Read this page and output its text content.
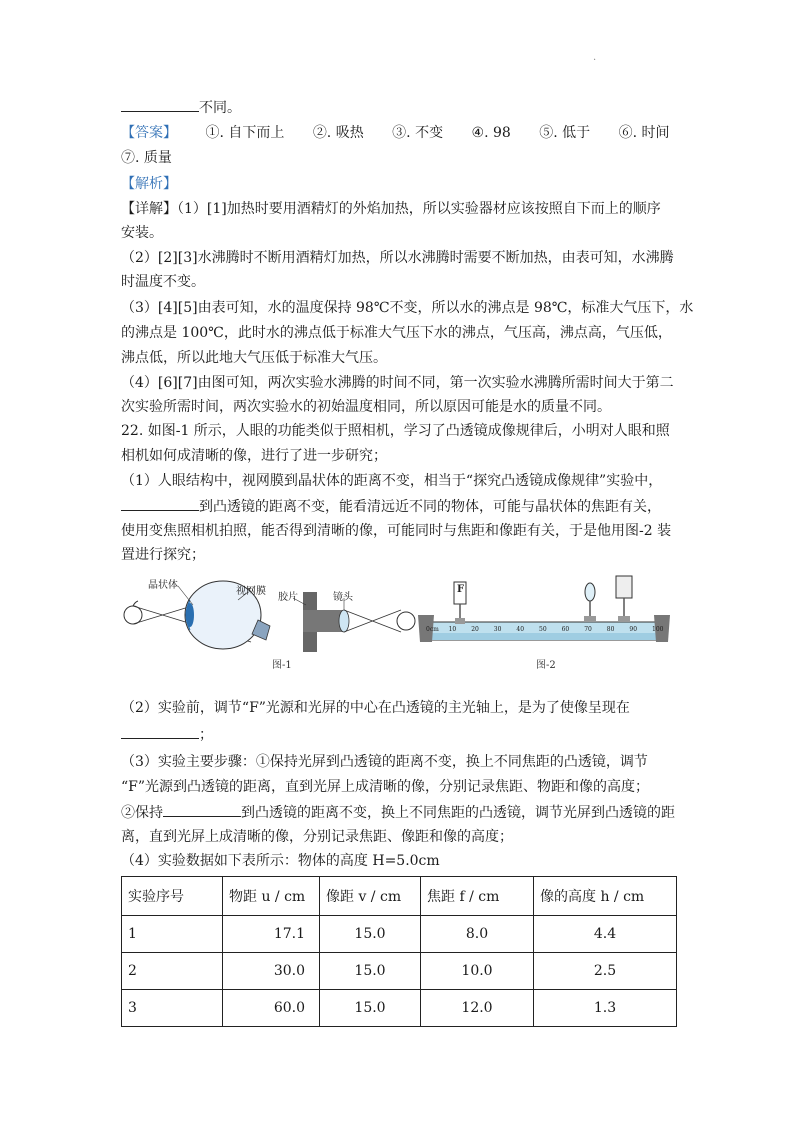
.
不同。
【答案】 ①. 自下而上 ②. 吸热 ③. 不变 ④. 98 ⑤. 低于 ⑥. 时间
⑦. 质量
【解析】
【详解】（1）[1]加热时要用酒精灯的外焰加热，所以实验器材应该按照自下而上的顺序
安装。
（2）[2][3]水沸腾时不断用酒精灯加热，所以水沸腾时需要不断加热，由表可知，水沸腾
时温度不变。
（3）[4][5]由表可知，水的温度保持 98℃不变，所以水的沸点是 98℃，标准大气压下，水
的沸点是 100℃，此时水的沸点低于标准大气压下水的沸点，气压高，沸点高，气压低，
沸点低，所以此地大气压低于标准大气压。
（4）[6][7]由图可知，两次实验水沸腾的时间不同，第一次实验水沸腾所需时间大于第二
次实验所需时间，两次实验水的初始温度相同，所以原因可能是水的质量不同。
22. 如图-1 所示，人眼的功能类似于照相机，学习了凸透镜成像规律后，小明对人眼和照
相机如何成清晰的像，进行了进一步研究；
（1）人眼结构中，视网膜到晶状体的距离不变，相当于“探究凸透镜成像规律”实验中，
到凸透镜的距离不变，能看清远近不同的物体，可能与晶状体的焦距有关，
使用变焦照相机拍照，能否得到清晰的像，可能同时与焦距和像距有关，于是他用图-2 装
置进行探究；
晶状体
视网膜
胶片	镜头
F
0cm 10 20 30 40 50 60 70 80 90 100
图-1	图-2
（2）实验前，调节“F”光源和光屏的中心在凸透镜的主光轴上，是为了使像呈现在
；
（3）实验主要步骤：①保持光屏到凸透镜的距离不变，换上不同焦距的凸透镜，调节
“F”光源到凸透镜的距离，直到光屏上成清晰的像，分别记录焦距、物距和像的高度；
②保持	到凸透镜的距离不变，换上不同焦距的凸透镜，调节光屏到凸透镜的距
离，直到光屏上成清晰的像，分别记录焦距、像距和像的高度；
（4）实验数据如下表所示：物体的高度 H=5.0cm
实验序号	物距 u / cm	像距 v / cm	焦距 f / cm	像的高度 h / cm
1	17.1	15.0	8.0	4.4
2	30.0	15.0	10.0	2.5
3	60.0	15.0	12.0	1.3
